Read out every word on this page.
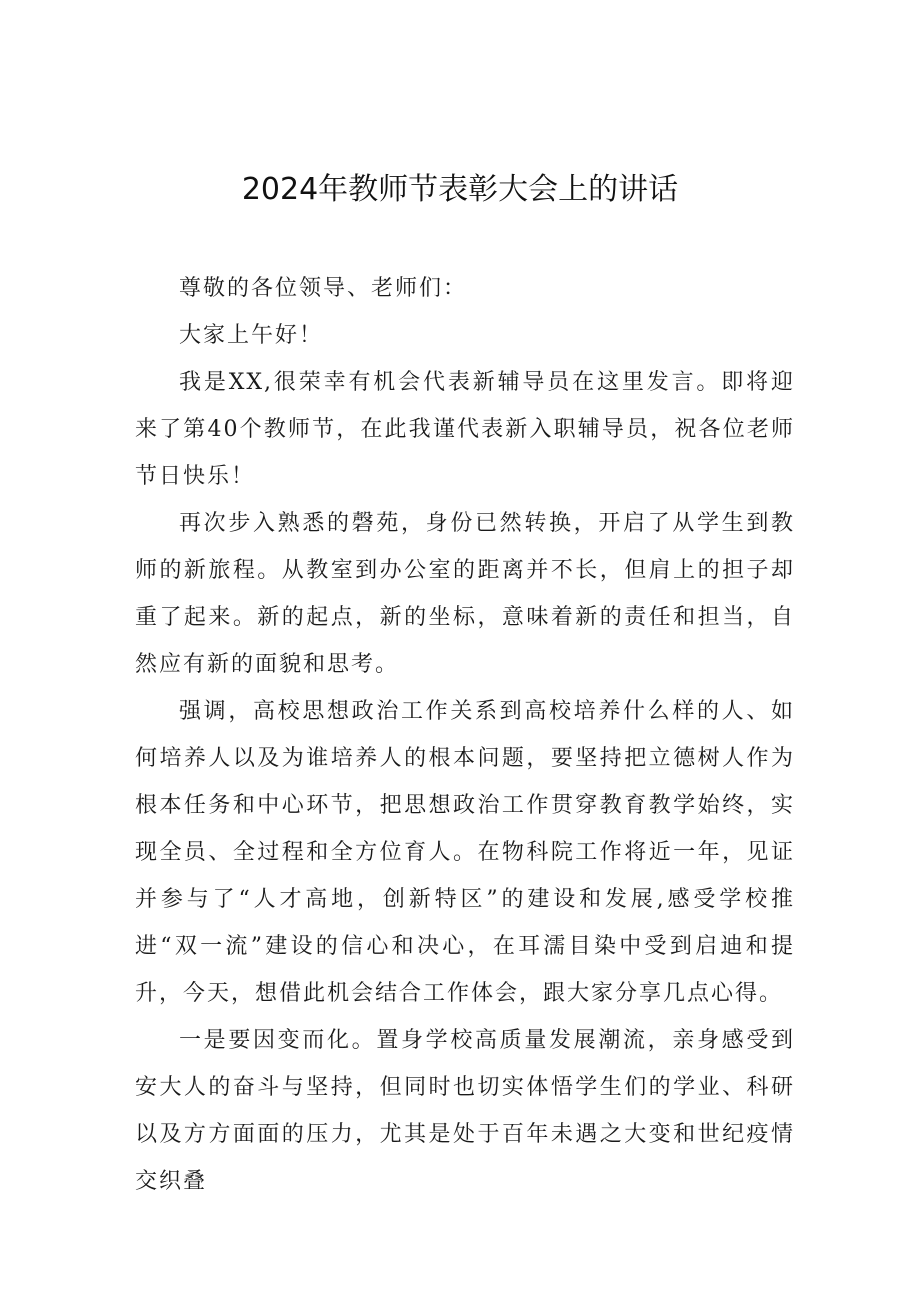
2024年教师节表彰大会上的讲话

尊敬的各位领导、老师们：

大家上午好！

我是XX,很荣幸有机会代表新辅导员在这里发言。即将迎来了第40个教师节，在此我谨代表新入职辅导员，祝各位老师节日快乐！

再次步入熟悉的磬苑，身份已然转换，开启了从学生到教师的新旅程。从教室到办公室的距离并不长，但肩上的担子却重了起来。新的起点，新的坐标，意味着新的责任和担当，自然应有新的面貌和思考。

强调，高校思想政治工作关系到高校培养什么样的人、如何培养人以及为谁培养人的根本问题，要坚持把立德树人作为根本任务和中心环节，把思想政治工作贯穿教育教学始终，实现全员、全过程和全方位育人。在物科院工作将近一年，见证并参与了“人才高地，创新特区”的建设和发展,感受学校推进“双一流”建设的信心和决心，在耳濡目染中受到启迪和提升，今天，想借此机会结合工作体会，跟大家分享几点心得。

一是要因变而化。置身学校高质量发展潮流，亲身感受到安大人的奋斗与坚持，但同时也切实体悟学生们的学业、科研以及方方面面的压力，尤其是处于百年未遇之大变和世纪疫情交织叠
